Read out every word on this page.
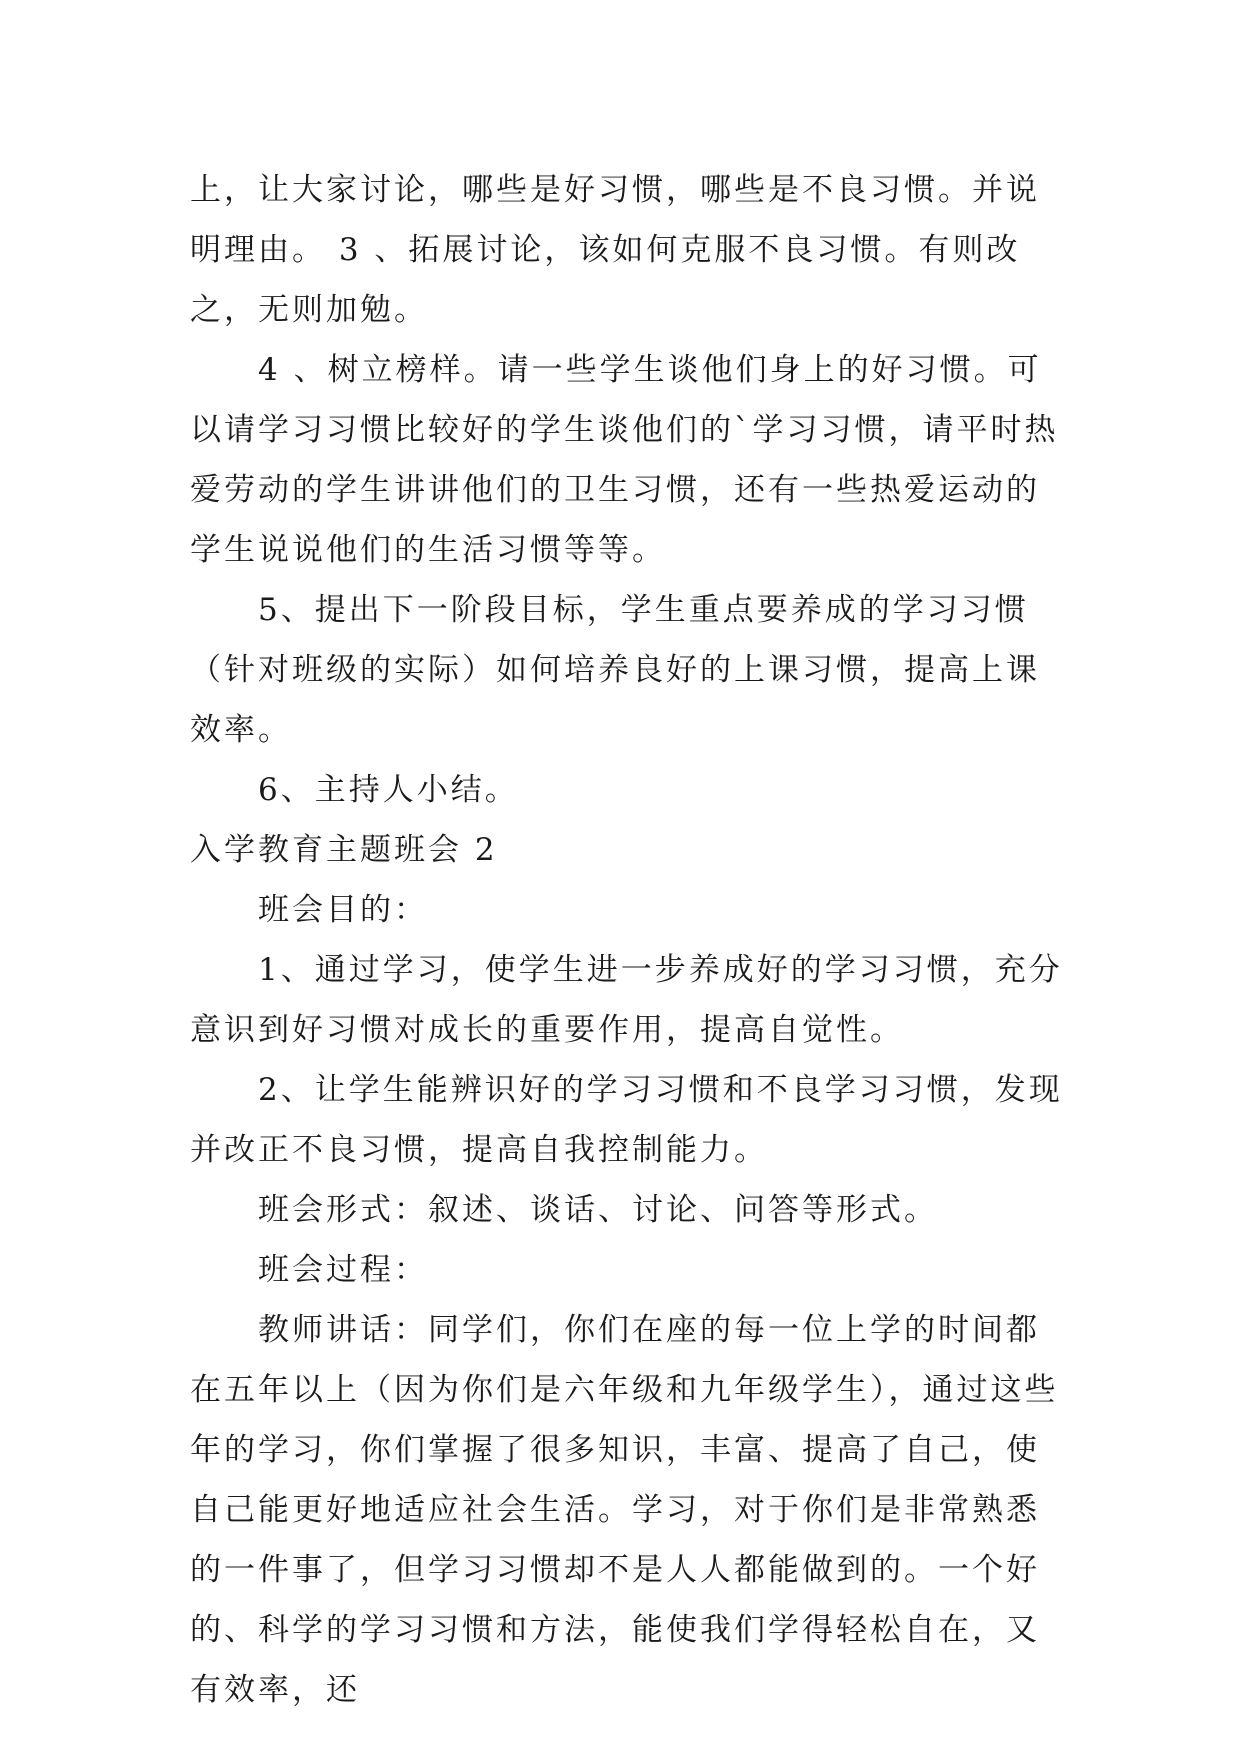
上，让大家讨论，哪些是好习惯，哪些是不良习惯。并说明理由。 3 、拓展讨论，该如何克服不良习惯。有则改之，无则加勉。

4 、树立榜样。请一些学生谈他们身上的好习惯。可以请学习习惯比较好的学生谈他们的`学习习惯，请平时热爱劳动的学生讲讲他们的卫生习惯，还有一些热爱运动的学生说说他们的生活习惯等等。

5、提出下一阶段目标，学生重点要养成的学习习惯（针对班级的实际）如何培养良好的上课习惯，提高上课效率。

6、主持人小结。

入学教育主题班会 2

班会目的：

1、通过学习，使学生进一步养成好的学习习惯，充分意识到好习惯对成长的重要作用，提高自觉性。

2、让学生能辨识好的学习习惯和不良学习习惯，发现并改正不良习惯，提高自我控制能力。

班会形式：叙述、谈话、讨论、问答等形式。

班会过程：

教师讲话：同学们，你们在座的每一位上学的时间都在五年以上（因为你们是六年级和九年级学生），通过这些年的学习，你们掌握了很多知识，丰富、提高了自己，使自己能更好地适应社会生活。学习，对于你们是非常熟悉的一件事了，但学习习惯却不是人人都能做到的。一个好的、科学的学习习惯和方法，能使我们学得轻松自在，又有效率，还
